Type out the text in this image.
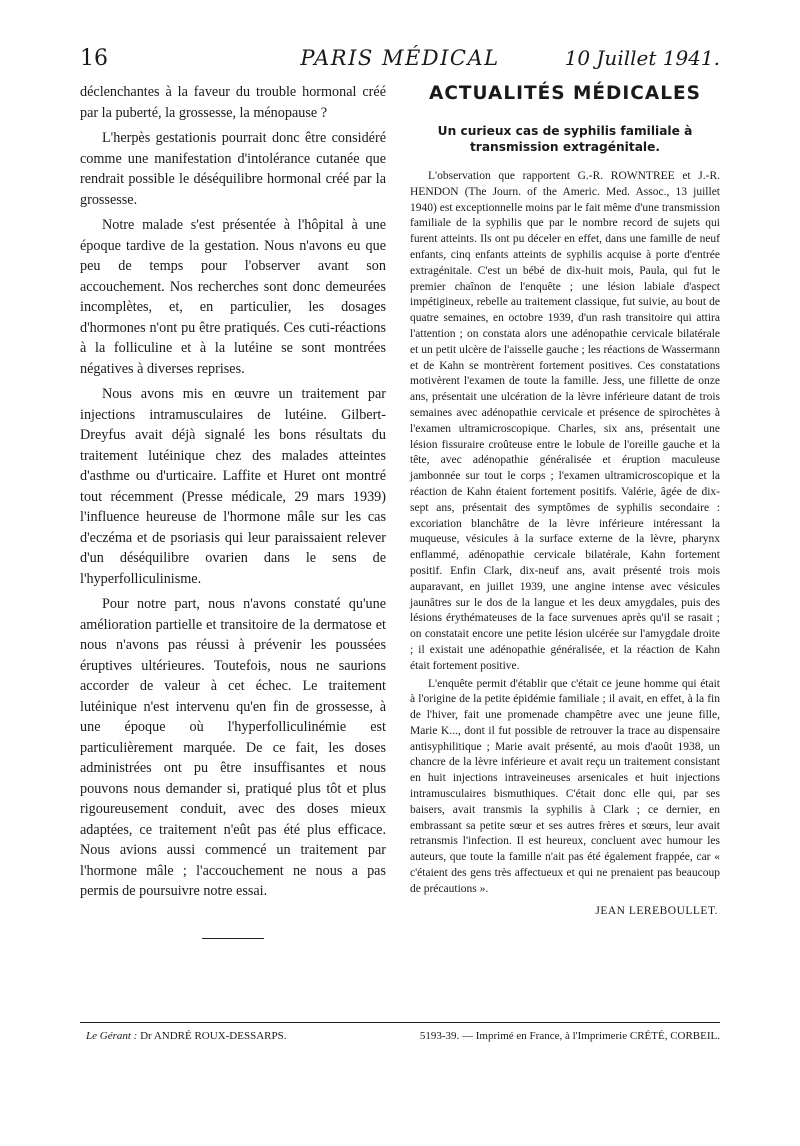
16	PARIS MÉDICAL	10 Juillet 1941.

déclenchantes à la faveur du trouble hormonal créé par la puberté, la grossesse, la ménopause ?

L'herpès gestationis pourrait donc être considéré comme une manifestation d'intolérance cutanée que rendrait possible le déséquilibre hormonal créé par la grossesse.

Notre malade s'est présentée à l'hôpital à une époque tardive de la gestation. Nous n'avons eu que peu de temps pour l'observer avant son accouchement. Nos recherches sont donc demeurées incomplètes, et, en particulier, les dosages d'hormones n'ont pu être pratiqués. Ces cuti-réactions à la folliculine et à la lutéine se sont montrées négatives à diverses reprises.

Nous avons mis en œuvre un traitement par injections intramusculaires de lutéine. Gilbert-Dreyfus avait déjà signalé les bons résultats du traitement lutéinique chez des malades atteintes d'asthme ou d'urticaire. Laffite et Huret ont montré tout récemment (Presse médicale, 29 mars 1939) l'influence heureuse de l'hormone mâle sur les cas d'eczéma et de psoriasis qui leur paraissaient relever d'un déséquilibre ovarien dans le sens de l'hyperfolliculinisme.

Pour notre part, nous n'avons constaté qu'une amélioration partielle et transitoire de la dermatose et nous n'avons pas réussi à prévenir les poussées éruptives ultérieures. Toutefois, nous ne saurions accorder de valeur à cet échec. Le traitement lutéinique n'est intervenu qu'en fin de grossesse, à une époque où l'hyperfolliculinémie est particulièrement marquée. De ce fait, les doses administrées ont pu être insuffisantes et nous pouvons nous demander si, pratiqué plus tôt et plus rigoureusement conduit, avec des doses mieux adaptées, ce traitement n'eût pas été plus efficace. Nous avions aussi commencé un traitement par l'hormone mâle ; l'accouchement ne nous a pas permis de poursuivre notre essai.

ACTUALITÉS MÉDICALES
Un curieux cas de syphilis familiale à transmission extragénitale.

L'observation que rapportent G.-R. ROWNTREE et J.-R. HENDON (The Journ. of the Americ. Med. Assoc., 13 juillet 1940) est exceptionnelle moins par le fait même d'une transmission familiale de la syphilis que par le nombre record de sujets qui furent atteints. Ils ont pu déceler en effet, dans une famille de neuf enfants, cinq enfants atteints de syphilis acquise à porte d'entrée extragénitale. C'est un bébé de dix-huit mois, Paula, qui fut le premier chaînon de l'enquête ; une lésion labiale d'aspect impétigineux, rebelle au traitement classique, fut suivie, au bout de quatre semaines, en octobre 1939, d'un rash transitoire qui attira l'attention ; on constata alors une adénopathie cervicale bilatérale et un petit ulcère de l'aisselle gauche ; les réactions de Wassermann et de Kahn se montrèrent fortement positives. Ces constatations motivèrent l'examen de toute la famille. Jess, une fillette de onze ans, présentait une ulcération de la lèvre inférieure datant de trois semaines avec adénopathie cervicale et présence de spirochètes à l'examen ultramicroscopique. Charles, six ans, présentait une lésion fissuraire croûteuse entre le lobule de l'oreille gauche et la tête, avec adénopathie généralisée et éruption maculeuse jambonnée sur tout le corps ; l'examen ultramicroscopique et la réaction de Kahn étaient fortement positifs. Valérie, âgée de dix-sept ans, présentait des symptômes de syphilis secondaire : excoriation blanchâtre de la lèvre inférieure intéressant la muqueuse, vésicules à la surface externe de la lèvre, pharynx enflammé, adénopathie cervicale bilatérale, Kahn fortement positif. Enfin Clark, dix-neuf ans, avait présenté trois mois auparavant, en juillet 1939, une angine intense avec vésicules jaunâtres sur le dos de la langue et les deux amygdales, puis des lésions érythémateuses de la face survenues après qu'il se rasait ; on constatait encore une petite lésion ulcérée sur l'amygdale droite ; il existait une adénopathie généralisée, et la réaction de Kahn était fortement positive.

L'enquête permit d'établir que c'était ce jeune homme qui était à l'origine de la petite épidémie familiale ; il avait, en effet, à la fin de l'hiver, fait une promenade champêtre avec une jeune fille, Marie K..., dont il fut possible de retrouver la trace au dispensaire antisyphilitique ; Marie avait présenté, au mois d'août 1938, un chancre de la lèvre inférieure et avait reçu un traitement consistant en huit injections intraveineuses arsenicales et huit injections intramusculaires bismuthiques. C'était donc elle qui, par ses baisers, avait transmis la syphilis à Clark ; ce dernier, en embrassant sa petite sœur et ses autres frères et sœurs, leur avait retransmis l'infection. Il est heureux, concluent avec humour les auteurs, que toute la famille n'ait pas été également frappée, car « c'étaient des gens très affectueux et qui ne prenaient pas beaucoup de précautions ».

JEAN LEREBOULLET.

Le Gérant : Dr ANDRÉ ROUX-DESSARPS.	5193-39. — Imprimé en France, à l'Imprimerie CRÉTÉ, CORBEIL.
